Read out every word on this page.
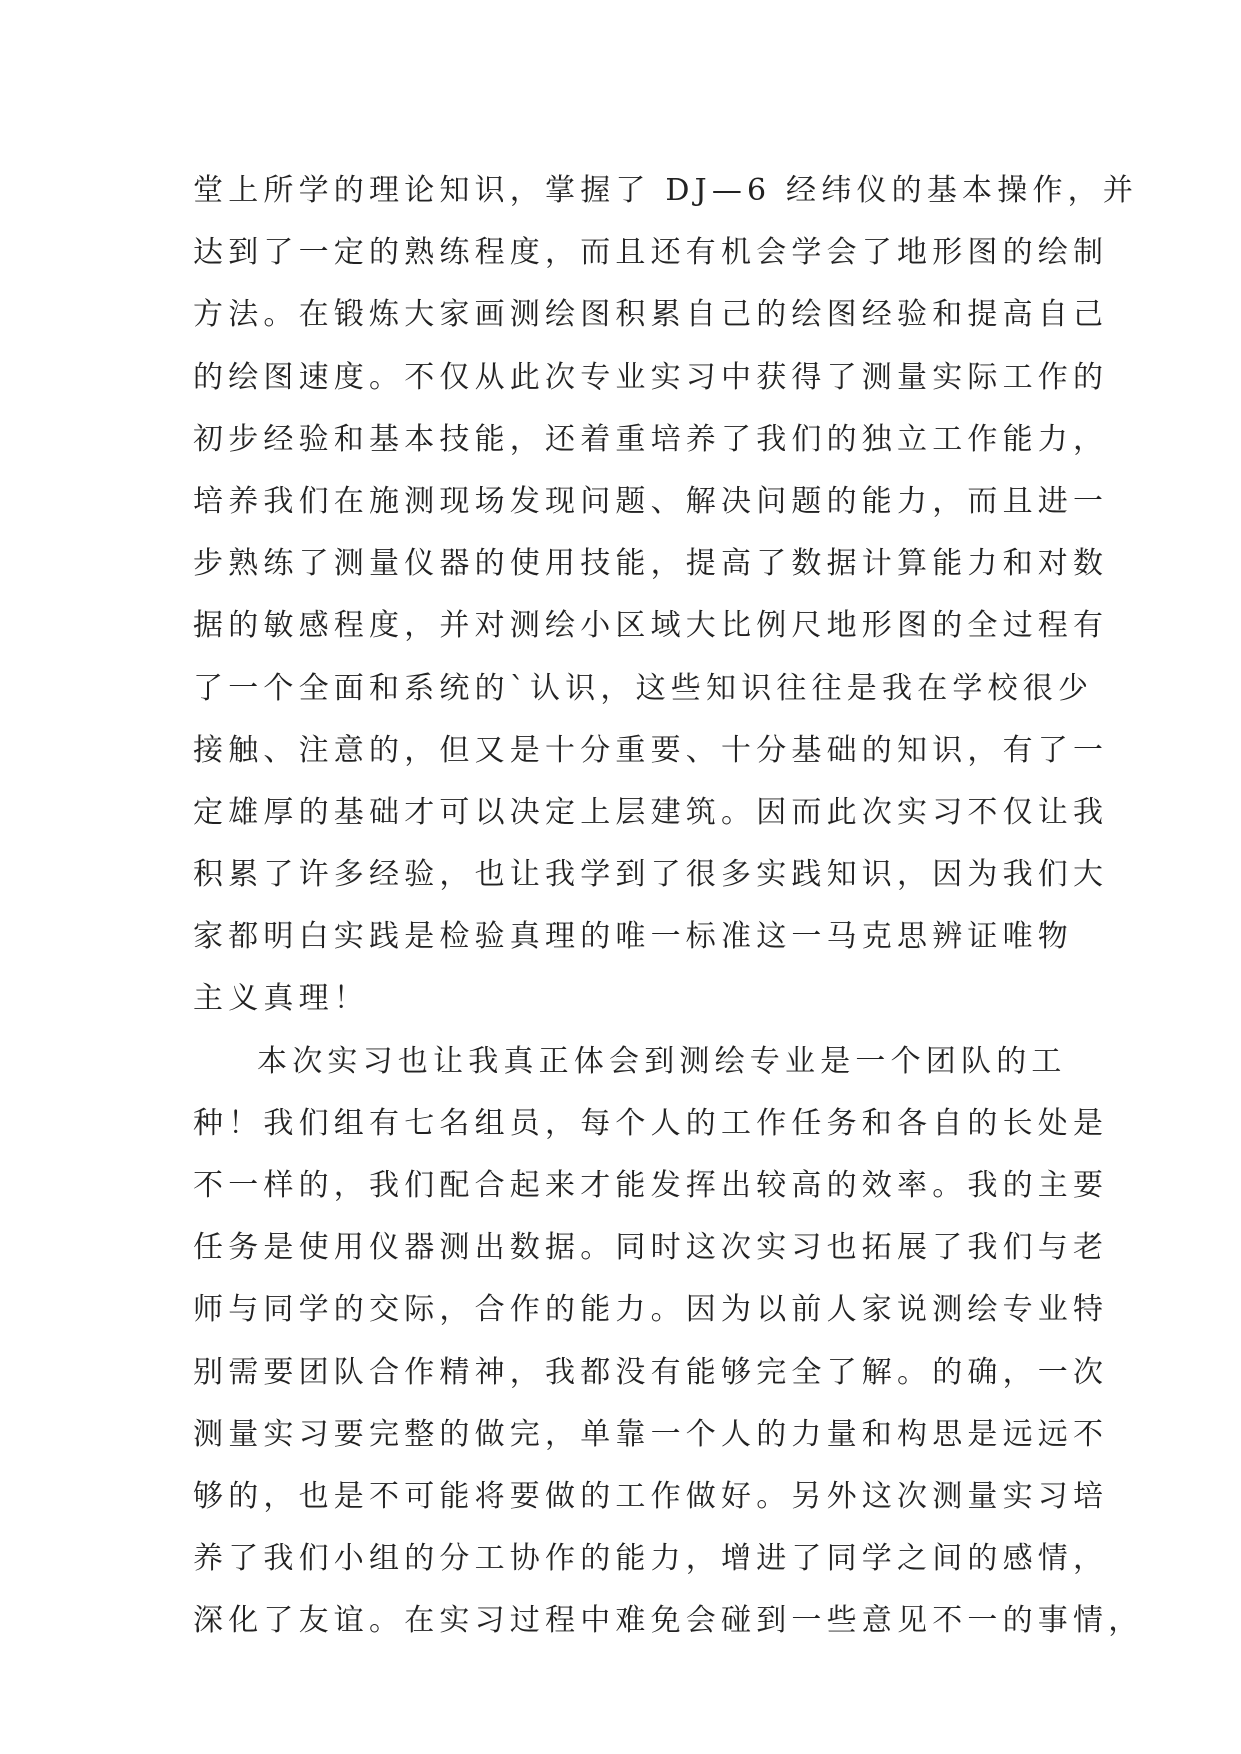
堂上所学的理论知识，掌握了 DJ—6 经纬仪的基本操作，并
达到了一定的熟练程度，而且还有机会学会了地形图的绘制
方法。在锻炼大家画测绘图积累自己的绘图经验和提高自己
的绘图速度。不仅从此次专业实习中获得了测量实际工作的
初步经验和基本技能，还着重培养了我们的独立工作能力，
培养我们在施测现场发现问题、解决问题的能力，而且进一
步熟练了测量仪器的使用技能，提高了数据计算能力和对数
据的敏感程度，并对测绘小区域大比例尺地形图的全过程有
了一个全面和系统的`认识，这些知识往往是我在学校很少
接触、注意的，但又是十分重要、十分基础的知识，有了一
定雄厚的基础才可以决定上层建筑。因而此次实习不仅让我
积累了许多经验，也让我学到了很多实践知识，因为我们大
家都明白实践是检验真理的唯一标准这一马克思辨证唯物
主义真理！
本次实习也让我真正体会到测绘专业是一个团队的工
种！我们组有七名组员，每个人的工作任务和各自的长处是
不一样的，我们配合起来才能发挥出较高的效率。我的主要
任务是使用仪器测出数据。同时这次实习也拓展了我们与老
师与同学的交际，合作的能力。因为以前人家说测绘专业特
别需要团队合作精神，我都没有能够完全了解。的确，一次
测量实习要完整的做完，单靠一个人的力量和构思是远远不
够的，也是不可能将要做的工作做好。另外这次测量实习培
养了我们小组的分工协作的能力，增进了同学之间的感情，
深化了友谊。在实习过程中难免会碰到一些意见不一的事情，
